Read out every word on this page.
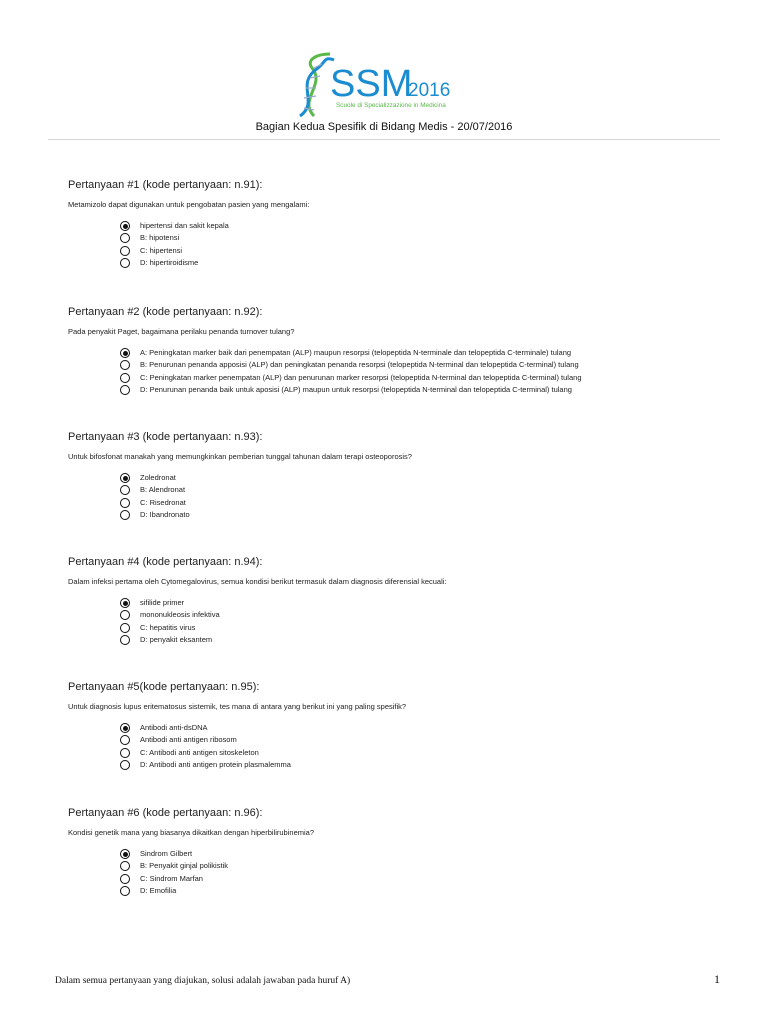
SSM
2016
Scuole di Specializzazione in Medicina
Bagian Kedua Spesifik di Bidang Medis - 20/07/2016

Pertanyaan #1 (kode pertanyaan: n.91):

Metamizolo dapat digunakan untuk pengobatan pasien yang mengalami:
hipertensi dan sakit kepala
B: hipotensi
C: hipertensi
D: hipertiroidisme

Pertanyaan #2 (kode pertanyaan: n.92):

Pada penyakit Paget, bagaimana perilaku penanda turnover tulang?
A: Peningkatan marker baik dari penempatan (ALP) maupun resorpsi (telopeptida N-terminale dan telopeptida C-terminale) tulang
B: Penurunan penanda apposisi (ALP) dan peningkatan penanda resorpsi (telopeptida N-terminal dan telopeptida C-terminal) tulang
C: Peningkatan marker penempatan (ALP) dan penurunan marker resorpsi (telopeptida N-terminal dan telopeptida C-terminal) tulang
D: Penurunan penanda baik untuk aposisi (ALP) maupun untuk resorpsi (telopeptida N-terminal dan telopeptida C-terminal) tulang

Pertanyaan #3 (kode pertanyaan: n.93):

Untuk bifosfonat manakah yang memungkinkan pemberian tunggal tahunan dalam terapi osteoporosis?
Zoledronat
B: Alendronat
C: Risedronat
D: Ibandronato

Pertanyaan #4 (kode pertanyaan: n.94):

Dalam infeksi pertama oleh Cytomegalovirus, semua kondisi berikut termasuk dalam diagnosis diferensial kecuali:
sifilide primer
mononukleosis infektiva
C: hepatitis virus
D: penyakit eksantem

Pertanyaan #5(kode pertanyaan: n.95):

Untuk diagnosis lupus eritematosus sistemik, tes mana di antara yang berikut ini yang paling spesifik?
Antibodi anti-dsDNA
Antibodi anti antigen ribosom
C: Antibodi anti antigen sitoskeleton
D: Antibodi anti antigen protein plasmalemma

Pertanyaan #6 (kode pertanyaan: n.96):

Kondisi genetik mana yang biasanya dikaitkan dengan hiperbilirubinemia?
Sindrom Gilbert
B: Penyakit ginjal polikistik
C: Sindrom Marfan
D: Emofilia
Dalam semua pertanyaan yang diajukan, solusi adalah jawaban pada huruf A)	1
